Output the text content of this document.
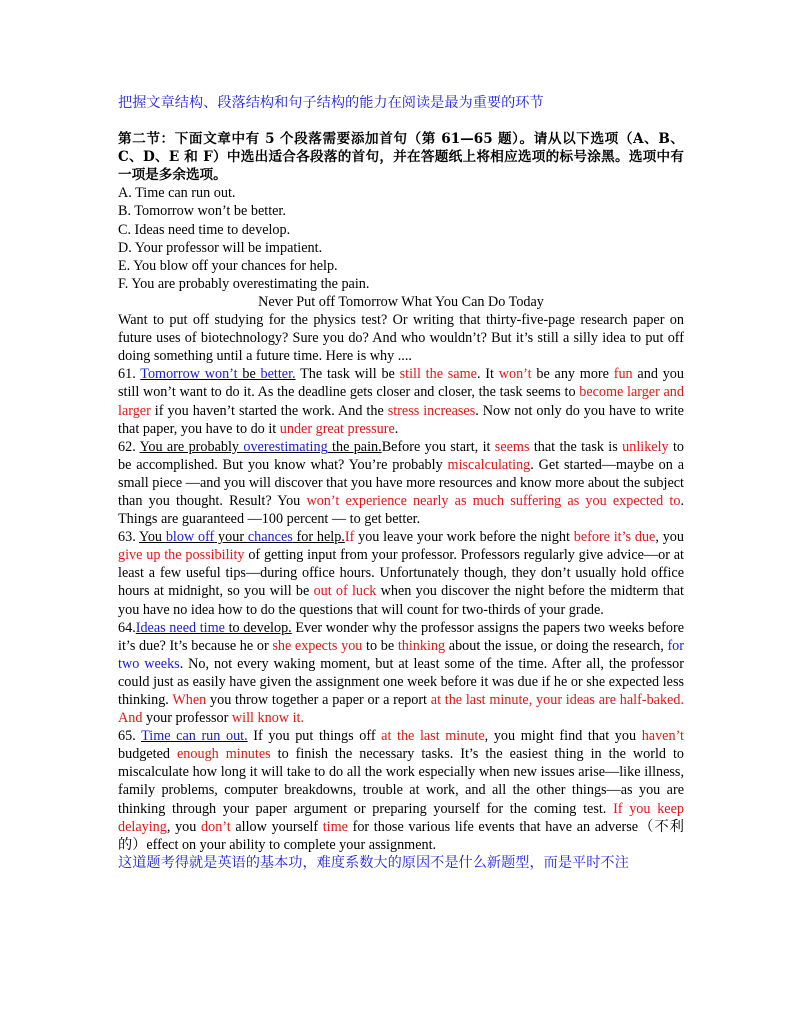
把握文章结构、段落结构和句子结构的能力在阅读是最为重要的环节

第二节：下面文章中有 5 个段落需要添加首句（第 61—65 题）。请从以下选项（A、B、C、D、E 和 F）中选出适合各段落的首句，并在答题纸上将相应选项的标号涂黑。选项中有一项是多余选项。

A. Time can run out.
B. Tomorrow won’t be better.
C. Ideas need time to develop.
D. Your professor will be impatient.
E. You blow off your chances for help.
F. You are probably overestimating the pain.
Never Put off Tomorrow What You Can Do Today

Want to put off studying for the physics test? Or writing that thirty-five-page research paper on future uses of biotechnology? Sure you do? And who wouldn’t? But it’s still a silly idea to put off doing something until a future time. Here is why ....

61. Tomorrow won’t be better. The task will be still the same. It won’t be any more fun and you still won’t want to do it. As the deadline gets closer and closer, the task seems to become larger and larger if you haven’t started the work. And the stress increases. Now not only do you have to write that paper, you have to do it under great pressure.

62. You are probably overestimating the pain.Before you start, it seems that the task is unlikely to be accomplished. But you know what? You’re probably miscalculating. Get started—maybe on a small piece —and you will discover that you have more resources and know more about the subject than you thought. Result? You won’t experience nearly as much suffering as you expected to. Things are guaranteed —100 percent — to get better.

63. You blow off your chances for help.If you leave your work before the night before it’s due, you give up the possibility of getting input from your professor. Professors regularly give advice—or at least a few useful tips—during office hours. Unfortunately though, they don’t usually hold office hours at midnight, so you will be out of luck when you discover the night before the midterm that you have no idea how to do the questions that will count for two-thirds of your grade.

64.Ideas need time to develop. Ever wonder why the professor assigns the papers two weeks before it’s due? It’s because he or she expects you to be thinking about the issue, or doing the research, for two weeks. No, not every waking moment, but at least some of the time. After all, the professor could just as easily have given the assignment one week before it was due if he or she expected less thinking. When you throw together a paper or a report at the last minute, your ideas are half-baked. And your professor will know it.

65. Time can run out. If you put things off at the last minute, you might find that you haven’t budgeted enough minutes to finish the necessary tasks. It’s the easiest thing in the world to miscalculate how long it will take to do all the work especially when new issues arise—like illness, family problems, computer breakdowns, trouble at work, and all the other things—as you are thinking through your paper argument or preparing yourself for the coming test. If you keep delaying, you don’t allow yourself time for those various life events that have an adverse（不利的）effect on your ability to complete your assignment.

这道题考得就是英语的基本功，难度系数大的原因不是什么新题型，而是平时不注
